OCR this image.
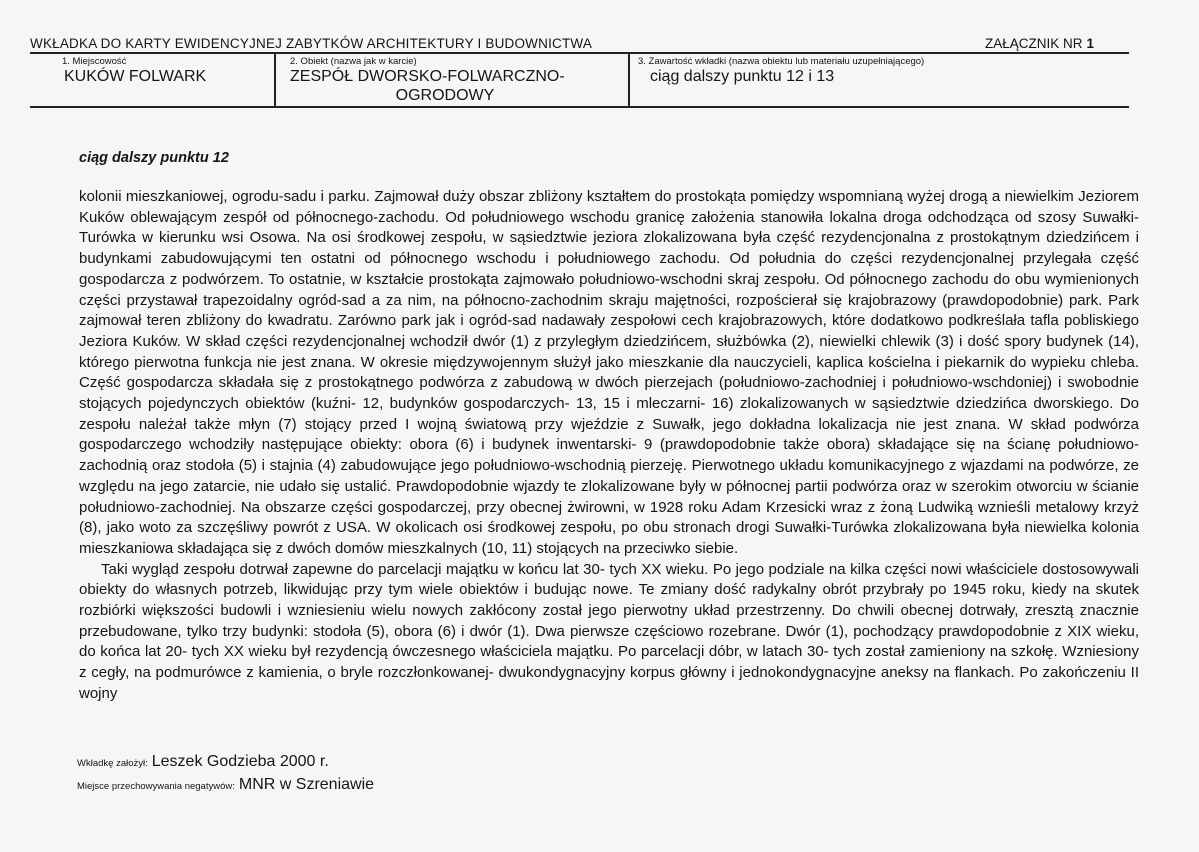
WKŁADKA DO KARTY EWIDENCYJNEJ ZABYTKÓW ARCHITEKTURY I BUDOWNICTWA	ZAŁĄCZNIK NR 1
1. Miejscowość
KUKÓW FOLWARK
2. Obiekt (nazwa jak w karcie)
ZESPÓŁ DWORSKO-FOLWARCZNO-
OGRODOWY
3. Zawartość wkładki (nazwa obiektu lub materiału uzupełniającego)
ciąg dalszy punktu 12 i 13
ciąg dalszy punktu 12

kolonii mieszkaniowej, ogrodu-sadu i parku. Zajmował duży obszar zbliżony kształtem do prostokąta pomiędzy wspomnianą wyżej drogą a niewielkim Jeziorem Kuków oblewającym zespół od północnego-zachodu. Od południowego wschodu granicę założenia stanowiła lokalna droga odchodząca od szosy Suwałki-Turówka w kierunku wsi Osowa. Na osi środkowej zespołu, w sąsiedztwie jeziora zlokalizowana była część rezydencjonalna z prostokątnym dziedzińcem i budynkami zabudowującymi ten ostatni od północnego wschodu i południowego zachodu. Od południa do części rezydencjonalnej przylegała część gospodarcza z podwórzem. To ostatnie, w kształcie prostokąta zajmowało południowo-wschodni skraj zespołu. Od północnego zachodu do obu wymienionych części przystawał trapezoidalny ogród-sad a za nim, na północno-zachodnim skraju majętności, rozpościerał się krajobrazowy (prawdopodobnie) park. Park zajmował teren zbliżony do kwadratu. Zarówno park jak i ogród-sad nadawały zespołowi cech krajobrazowych, które dodatkowo podkreślała tafla pobliskiego Jeziora Kuków. W skład części rezydencjonalnej wchodził dwór (1) z przyległym dziedzińcem, służbówka (2), niewielki chlewik (3) i dość spory budynek (14), którego pierwotna funkcja nie jest znana. W okresie międzywojennym służył jako mieszkanie dla nauczycieli, kaplica kościelna i piekarnik do wypieku chleba. Część gospodarcza składała się z prostokątnego podwórza z zabudową w dwóch pierzejach (południowo-zachodniej i południowo-wschdoniej) i swobodnie stojących pojedynczych obiektów (kuźni- 12, budynków gospodarczych- 13, 15 i mleczarni- 16) zlokalizowanych w sąsiedztwie dziedzińca dworskiego. Do zespołu należał także młyn (7) stojący przed I wojną światową przy wjeździe z Suwałk, jego dokładna lokalizacja nie jest znana. W skład podwórza gospodarczego wchodziły następujące obiekty: obora (6) i budynek inwentarski- 9 (prawdopodobnie także obora) składające się na ścianę południowo-zachodnią oraz stodoła (5) i stajnia (4) zabudowujące jego południowo-wschodnią pierzeję. Pierwotnego układu komunikacyjnego z wjazdami na podwórze, ze względu na jego zatarcie, nie udało się ustalić. Prawdopodobnie wjazdy te zlokalizowane były w północnej partii podwórza oraz w szerokim otworciu w ścianie południowo-zachodniej. Na obszarze części gospodarczej, przy obecnej żwirowni, w 1928 roku Adam Krzesicki wraz z żoną Ludwiką wznieśli metalowy krzyż (8), jako woto za szczęśliwy powrót z USA. W okolicach osi środkowej zespołu, po obu stronach drogi Suwałki-Turówka zlokalizowana była niewielka kolonia mieszkaniowa składająca się z dwóch domów mieszkalnych (10, 11) stojących na przeciwko siebie.

Taki wygląd zespołu dotrwał zapewne do parcelacji majątku w końcu lat 30- tych XX wieku. Po jego podziale na kilka części nowi właściciele dostosowywali obiekty do własnych potrzeb, likwidując przy tym wiele obiektów i budując nowe. Te zmiany dość radykalny obrót przybrały po 1945 roku, kiedy na skutek rozbiórki większości budowli i wzniesieniu wielu nowych zakłócony został jego pierwotny układ przestrzenny. Do chwili obecnej dotrwały, zresztą znacznie przebudowane, tylko trzy budynki: stodoła (5), obora (6) i dwór (1). Dwa pierwsze częściowo rozebrane. Dwór (1), pochodzący prawdopodobnie z XIX wieku, do końca lat 20- tych XX wieku był rezydencją ówczesnego właściciela majątku. Po parcelacji dóbr, w latach 30- tych został zamieniony na szkołę. Wzniesiony z cegły, na podmurówce z kamienia, o bryle rozczłonkowanej- dwukondygnacyjny korpus główny i jednokondygnacyjne aneksy na flankach. Po zakończeniu II wojny

Wkładkę założył: Leszek Godzieba 2000 r.
Miejsce przechowywania negatywów: MNR w Szreniawie
